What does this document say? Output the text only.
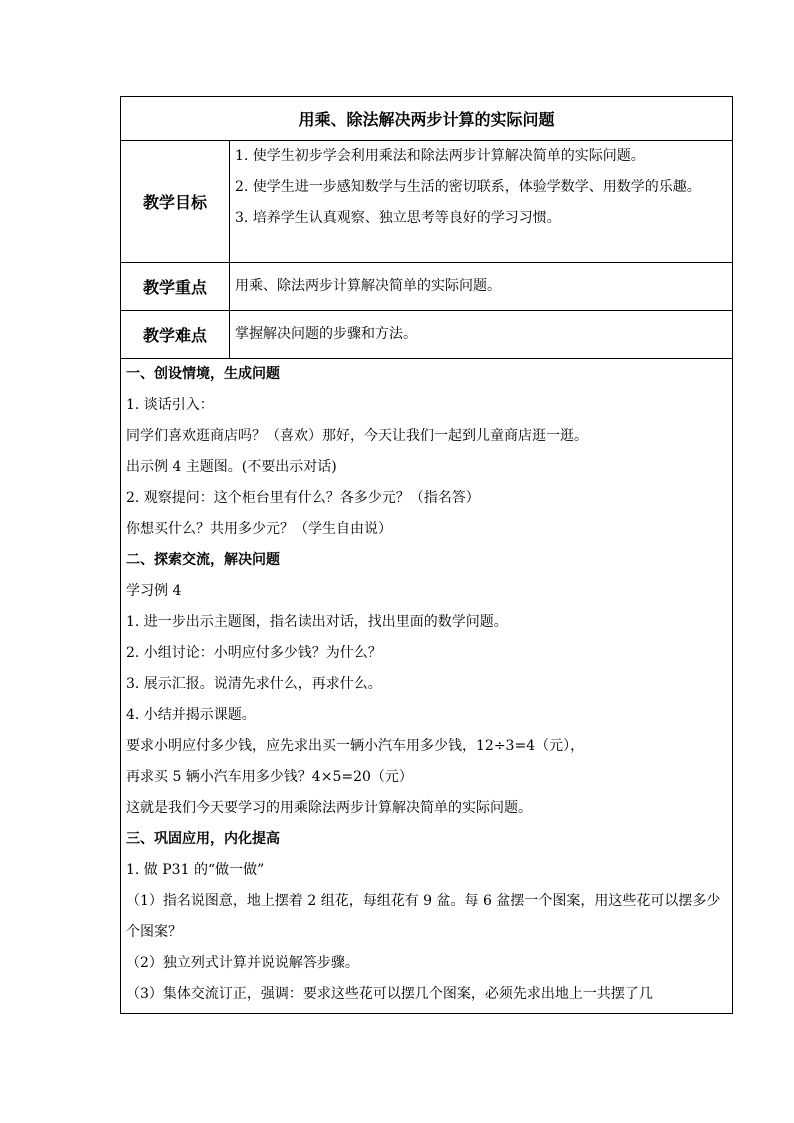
用乘、除法解决两步计算的实际问题
教学目标
1. 使学生初步学会利用乘法和除法两步计算解决简单的实际问题。
2. 使学生进一步感知数学与生活的密切联系，体验学数学、用数学的乐趣。
3. 培养学生认真观察、独立思考等良好的学习习惯。
教学重点	用乘、除法两步计算解决简单的实际问题。
教学难点	掌握解决问题的步骤和方法。
一、创设情境，生成问题
1. 谈话引入：
同学们喜欢逛商店吗？（喜欢）那好，今天让我们一起到儿童商店逛一逛。
出示例 4 主题图。(不要出示对话)
2. 观察提问：这个柜台里有什么？各多少元？（指名答）
你想买什么？共用多少元？（学生自由说）
二、探索交流，解决问题
学习例 4
1. 进一步出示主题图，指名读出对话，找出里面的数学问题。
2. 小组讨论：小明应付多少钱？为什么？
3. 展示汇报。说清先求什么，再求什么。
4. 小结并揭示课题。
要求小明应付多少钱，应先求出买一辆小汽车用多少钱，12÷3=4（元），
再求买 5 辆小汽车用多少钱？4×5=20（元）
这就是我们今天要学习的用乘除法两步计算解决简单的实际问题。
三、巩固应用，内化提高
1. 做 P31 的“做一做”
（1）指名说图意，地上摆着 2 组花，每组花有 9 盆。每 6 盆摆一个图案，用这些花可以摆多少个图案？
（2）独立列式计算并说说解答步骤。
（3）集体交流订正，强调：要求这些花可以摆几个图案，必须先求出地上一共摆了几
